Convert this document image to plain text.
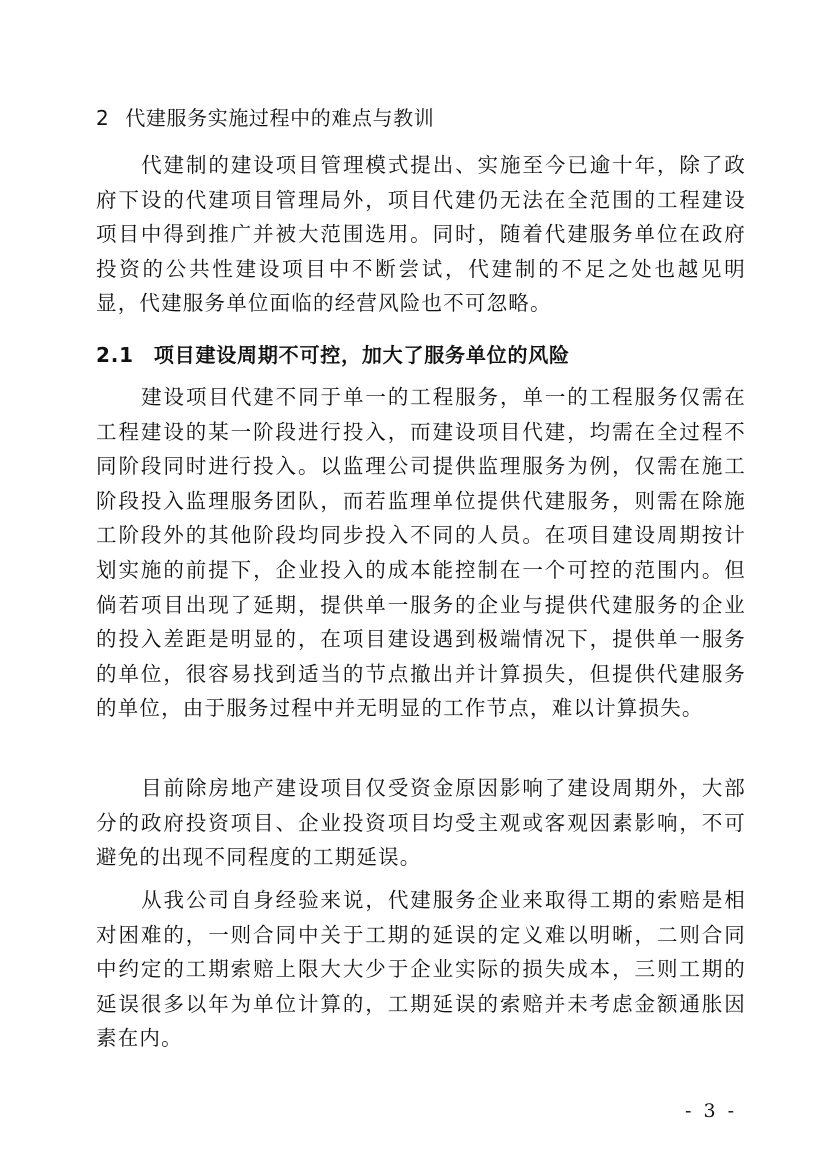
2 代建服务实施过程中的难点与教训

代建制的建设项目管理模式提出、实施至今已逾十年，除了政府下设的代建项目管理局外，项目代建仍无法在全范围的工程建设项目中得到推广并被大范围选用。同时，随着代建服务单位在政府投资的公共性建设项目中不断尝试，代建制的不足之处也越见明显，代建服务单位面临的经营风险也不可忽略。

2.1 项目建设周期不可控，加大了服务单位的风险

建设项目代建不同于单一的工程服务，单一的工程服务仅需在工程建设的某一阶段进行投入，而建设项目代建，均需在全过程不同阶段同时进行投入。以监理公司提供监理服务为例，仅需在施工阶段投入监理服务团队，而若监理单位提供代建服务，则需在除施工阶段外的其他阶段均同步投入不同的人员。在项目建设周期按计划实施的前提下，企业投入的成本能控制在一个可控的范围内。但倘若项目出现了延期，提供单一服务的企业与提供代建服务的企业的投入差距是明显的，在项目建设遇到极端情况下，提供单一服务的单位，很容易找到适当的节点撤出并计算损失，但提供代建服务的单位，由于服务过程中并无明显的工作节点，难以计算损失。

目前除房地产建设项目仅受资金原因影响了建设周期外，大部分的政府投资项目、企业投资项目均受主观或客观因素影响，不可避免的出现不同程度的工期延误。

从我公司自身经验来说，代建服务企业来取得工期的索赔是相对困难的，一则合同中关于工期的延误的定义难以明晰，二则合同中约定的工期索赔上限大大少于企业实际的损失成本，三则工期的延误很多以年为单位计算的，工期延误的索赔并未考虑金额通胀因素在内。

- 3 -
